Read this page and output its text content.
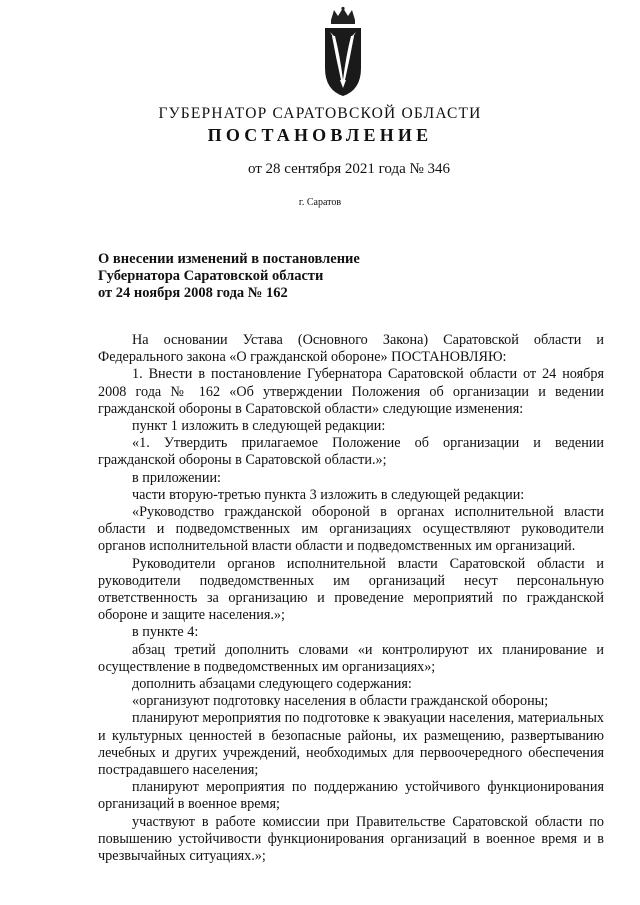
ГУБЕРНАТОР САРАТОВСКОЙ ОБЛАСТИ
ПОСТАНОВЛЕНИЕ
от 28 сентября 2021 года № 346
г. Саратов
О внесении изменений в постановление
Губернатора Саратовской области
от 24 ноября 2008 года № 162

На основании Устава (Основного Закона) Саратовской области и Федерального закона «О гражданской обороне» ПОСТАНОВЛЯЮ:

1. Внести в постановление Губернатора Саратовской области от 24 ноября 2008 года № 162 «Об утверждении Положения об организации и ведении гражданской обороны в Саратовской области» следующие изменения:

пункт 1 изложить в следующей редакции:

«1. Утвердить прилагаемое Положение об организации и ведении гражданской обороны в Саратовской области.»;

в приложении:

части вторую-третью пункта 3 изложить в следующей редакции:

«Руководство гражданской обороной в органах исполнительной власти области и подведомственных им организациях осуществляют руководители органов исполнительной власти области и подведомственных им организаций.

Руководители органов исполнительной власти Саратовской области и руководители подведомственных им организаций несут персональную ответственность за организацию и проведение мероприятий по гражданской обороне и защите населения.»;

в пункте 4:

абзац третий дополнить словами «и контролируют их планирование и осуществление в подведомственных им организациях»;

дополнить абзацами следующего содержания:

«организуют подготовку населения в области гражданской обороны;

планируют мероприятия по подготовке к эвакуации населения, материальных и культурных ценностей в безопасные районы, их размещению, развертыванию лечебных и других учреждений, необходимых для первоочередного обеспечения пострадавшего населения;

планируют мероприятия по поддержанию устойчивого функционирования организаций в военное время;

участвуют в работе комиссии при Правительстве Саратовской области по повышению устойчивости функционирования организаций в военное время и в чрезвычайных ситуациях.»;
